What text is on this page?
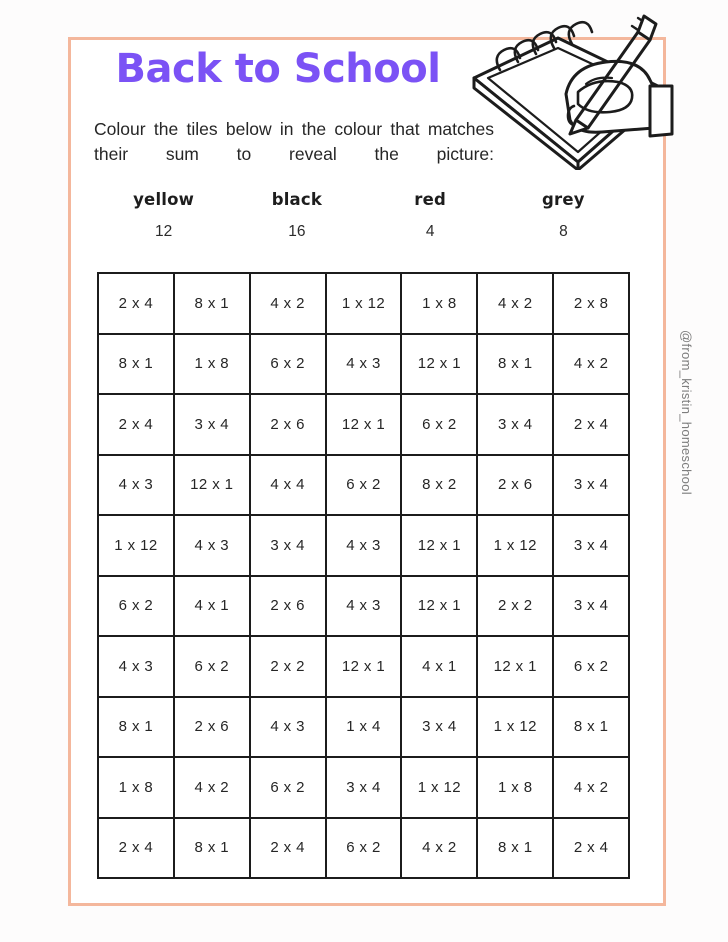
Back to School
Colour the tiles below in the colour that matches their sum to reveal the picture:
yellow
12
black
16
red
4
grey
8
2 x 4	8 x 1	4 x 2	1 x 12	1 x 8	4 x 2	2 x 8
8 x 1	1 x 8	6 x 2	4 x 3	12 x 1	8 x 1	4 x 2
2 x 4	3 x 4	2 x 6	12 x 1	6 x 2	3 x 4	2 x 4
4 x 3	12 x 1	4 x 4	6 x 2	8 x 2	2 x 6	3 x 4
1 x 12	4 x 3	3 x 4	4 x 3	12 x 1	1 x 12	3 x 4
6 x 2	4 x 1	2 x 6	4 x 3	12 x 1	2 x 2	3 x 4
4 x 3	6 x 2	2 x 2	12 x 1	4 x 1	12 x 1	6 x 2
8 x 1	2 x 6	4 x 3	1 x 4	3 x 4	1 x 12	8 x 1
1 x 8	4 x 2	6 x 2	3 x 4	1 x 12	1 x 8	4 x 2
2 x 4	8 x 1	2 x 4	6 x 2	4 x 2	8 x 1	2 x 4
@from_kristin_homeschool
